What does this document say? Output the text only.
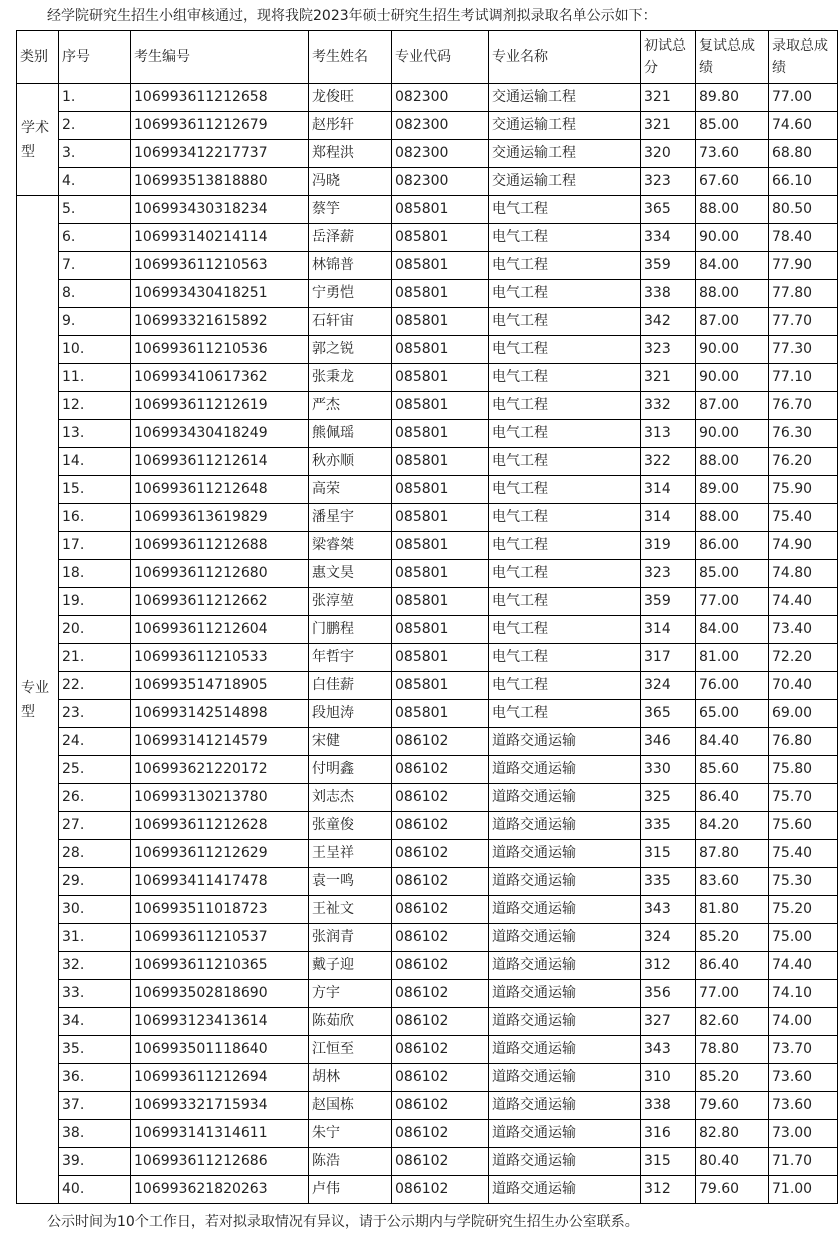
经学院研究生招生小组审核通过，现将我院2023年硕士研究生招生考试调剂拟录取名单公示如下：
类别	序号	考生编号	考生姓名	专业代码	专业名称	初试总分	复试总成绩	录取总成绩
学术型	1.	106993611212658	龙俊旺	082300	交通运输工程	321	89.80	77.00
	2.	106993611212679	赵彤轩	082300	交通运输工程	321	85.00	74.60
	3.	106993412217737	郑程洪	082300	交通运输工程	320	73.60	68.80
	4.	106993513818880	冯晓	082300	交通运输工程	323	67.60	66.10
专业型	5.	106993430318234	蔡竽	085801	电气工程	365	88.00	80.50
	6.	106993140214114	岳泽薪	085801	电气工程	334	90.00	78.40
	7.	106993611210563	林锦普	085801	电气工程	359	84.00	77.90
	8.	106993430418251	宁勇恺	085801	电气工程	338	88.00	77.80
	9.	106993321615892	石轩宙	085801	电气工程	342	87.00	77.70
	10.	106993611210536	郭之锐	085801	电气工程	323	90.00	77.30
	11.	106993410617362	张秉龙	085801	电气工程	321	90.00	77.10
	12.	106993611212619	严杰	085801	电气工程	332	87.00	76.70
	13.	106993430418249	熊佩瑶	085801	电气工程	313	90.00	76.30
	14.	106993611212614	秋亦顺	085801	电气工程	322	88.00	76.20
	15.	106993611212648	高荣	085801	电气工程	314	89.00	75.90
	16.	106993613619829	潘星宇	085801	电气工程	314	88.00	75.40
	17.	106993611212688	梁睿桀	085801	电气工程	319	86.00	74.90
	18.	106993611212680	惠文昊	085801	电气工程	323	85.00	74.80
	19.	106993611212662	张淳堃	085801	电气工程	359	77.00	74.40
	20.	106993611212604	门鹏程	085801	电气工程	314	84.00	73.40
	21.	106993611210533	年哲宇	085801	电气工程	317	81.00	72.20
	22.	106993514718905	白佳薪	085801	电气工程	324	76.00	70.40
	23.	106993142514898	段旭涛	085801	电气工程	365	65.00	69.00
	24.	106993141214579	宋健	086102	道路交通运输	346	84.40	76.80
	25.	106993621220172	付明鑫	086102	道路交通运输	330	85.60	75.80
	26.	106993130213780	刘志杰	086102	道路交通运输	325	86.40	75.70
	27.	106993611212628	张童俊	086102	道路交通运输	335	84.20	75.60
	28.	106993611212629	王呈祥	086102	道路交通运输	315	87.80	75.40
	29.	106993411417478	袁一鸣	086102	道路交通运输	335	83.60	75.30
	30.	106993511018723	王祉文	086102	道路交通运输	343	81.80	75.20
	31.	106993611210537	张润青	086102	道路交通运输	324	85.20	75.00
	32.	106993611210365	戴子迎	086102	道路交通运输	312	86.40	74.40
	33.	106993502818690	方宇	086102	道路交通运输	356	77.00	74.10
	34.	106993123413614	陈茹欣	086102	道路交通运输	327	82.60	74.00
	35.	106993501118640	江恒至	086102	道路交通运输	343	78.80	73.70
	36.	106993611212694	胡林	086102	道路交通运输	310	85.20	73.60
	37.	106993321715934	赵国栋	086102	道路交通运输	338	79.60	73.60
	38.	106993141314611	朱宁	086102	道路交通运输	316	82.80	73.00
	39.	106993611212686	陈浩	086102	道路交通运输	315	80.40	71.70
	40.	106993621820263	卢伟	086102	道路交通运输	312	79.60	71.00
公示时间为10个工作日，若对拟录取情况有异议，请于公示期内与学院研究生招生办公室联系。
